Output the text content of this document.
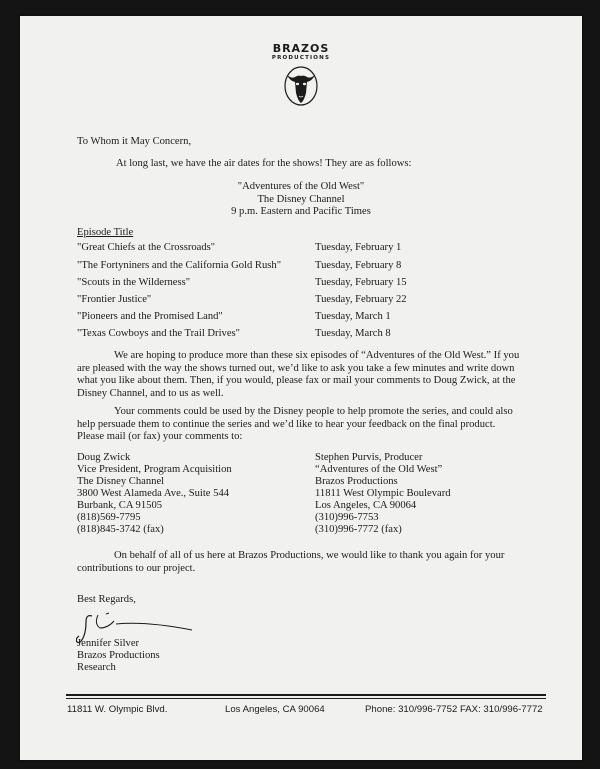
BRAZOS
PRODUCTIONS
To Whom it May Concern,
At long last, we have the air dates for the shows! They are as follows:
"Adventures of the Old West"
The Disney Channel
9 p.m. Eastern and Pacific Times
Episode Title
"Great Chiefs at the Crossroads"	Tuesday, February 1
"The Fortyniners and the California Gold Rush"	Tuesday, February 8
"Scouts in the Wilderness"	Tuesday, February 15
"Frontier Justice"	Tuesday, February 22
"Pioneers and the Promised Land"	Tuesday, March 1
"Texas Cowboys and the Trail Drives"	Tuesday, March 8
We are hoping to produce more than these six episodes of “Adventures of the Old West.” If you
are pleased with the way the shows turned out, we’d like to ask you take a few minutes and write down
what you like about them. Then, if you would, please fax or mail your comments to Doug Zwick, at the
Disney Channel, and to us as well.
Your comments could be used by the Disney people to help promote the series, and could also
help persuade them to continue the series and we’d like to hear your feedback on the final product.
Please mail (or fax) your comments to:
Doug Zwick
Vice President, Program Acquisition
The Disney Channel
3800 West Alameda Ave., Suite 544
Burbank, CA 91505
(818)569-7795
(818)845-3742 (fax)
Stephen Purvis, Producer
“Adventures of the Old West”
Brazos Productions
11811 West Olympic Boulevard
Los Angeles, CA 90064
(310)996-7753
(310)996-7772 (fax)
On behalf of all of us here at Brazos Productions, we would like to thank you again for your
contributions to our project.
Best Regards,
Jennifer Silver
Brazos Productions
Research
11811 W. Olympic Blvd.	Los Angeles, CA 90064	Phone: 310/996-7752 FAX: 310/996-7772
